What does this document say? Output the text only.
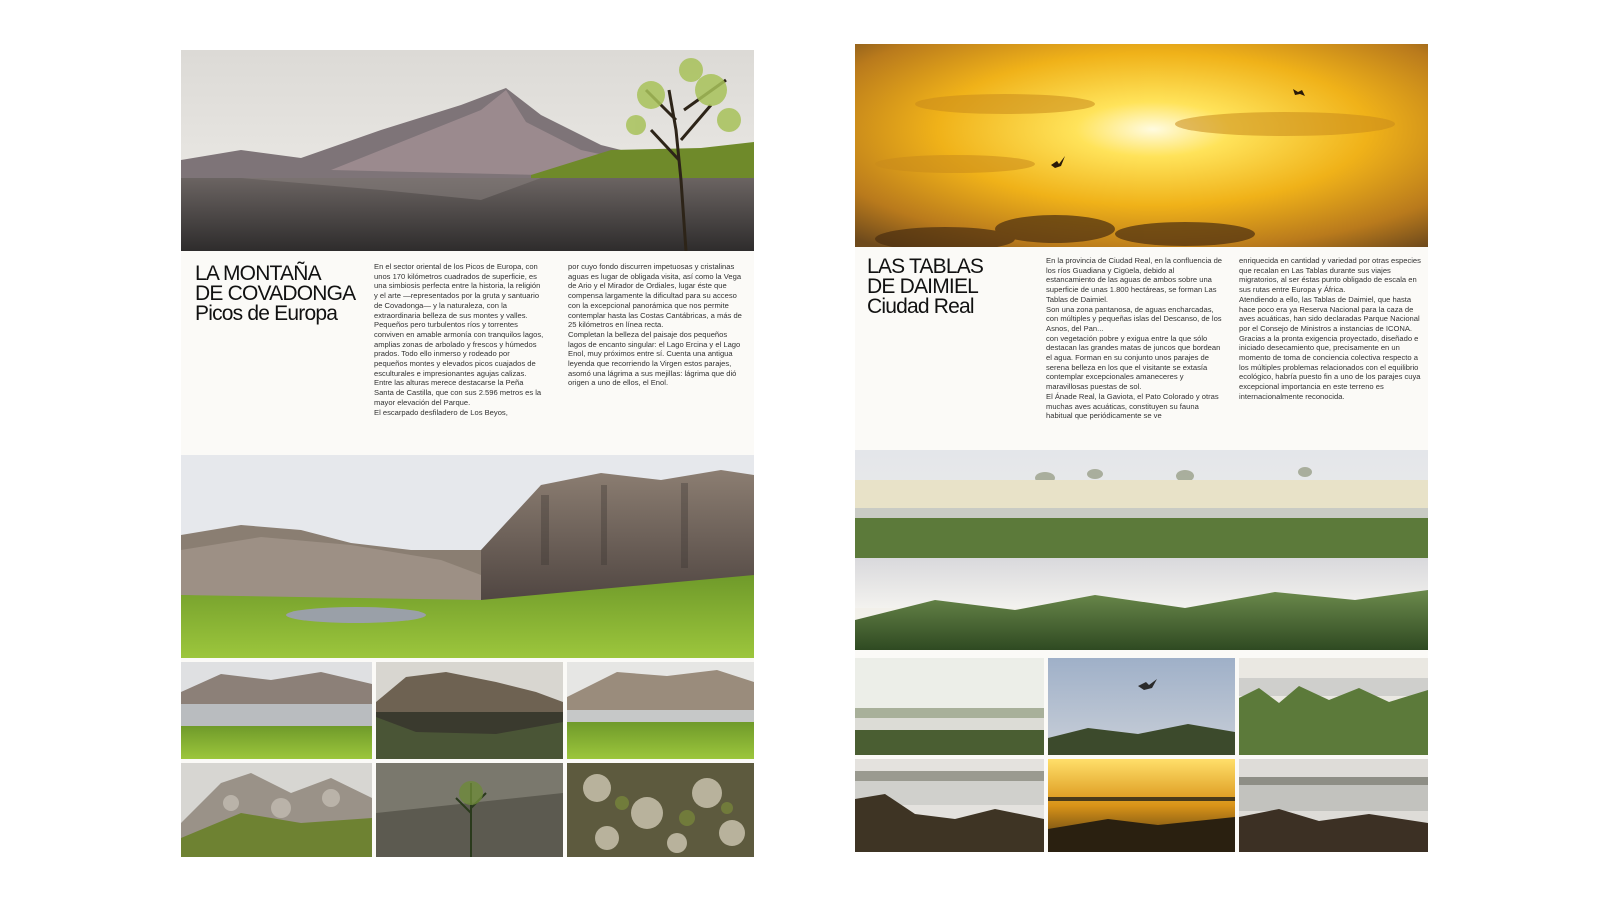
LA MONTAÑA
DE COVADONGA
Picos de Europa

En el sector oriental de los Picos de Europa, con unos 170 kilómetros cuadrados de superficie, es una simbiosis perfecta entre la historia, la religión y el arte —representados por la gruta y santuario de Covadonga— y la naturaleza, con la extraordinaria belleza de sus montes y valles.

Pequeños pero turbulentos ríos y torrentes conviven en amable armonía con tranquilos lagos, amplias zonas de arbolado y frescos y húmedos prados. Todo ello inmerso y rodeado por pequeños montes y elevados picos cuajados de esculturales e impresionantes agujas calizas.

Entre las alturas merece destacarse la Peña Santa de Castilla, que con sus 2.596 metros es la mayor elevación del Parque.

El escarpado desfiladero de Los Beyos,

por cuyo fondo discurren impetuosas y cristalinas aguas es lugar de obligada visita, así como la Vega de Ario y el Mirador de Ordiales, lugar éste que compensa largamente la dificultad para su acceso con la excepcional panorámica que nos permite contemplar hasta las Costas Cantábricas, a más de 25 kilómetros en línea recta.

Completan la belleza del paisaje dos pequeños lagos de encanto singular: el Lago Ercina y el Lago Enol, muy próximos entre sí. Cuenta una antigua leyenda que recorriendo la Virgen estos parajes, asomó una lágrima a sus mejillas: lágrima que dió origen a uno de ellos, el Enol.

LAS TABLAS
DE DAIMIEL
Ciudad Real

En la provincia de Ciudad Real, en la confluencia de los ríos Guadiana y Cigüela, debido al estancamiento de las aguas de ambos sobre una superficie de unas 1.800 hectáreas, se forman Las Tablas de Daimiel.

Son una zona pantanosa, de aguas encharcadas, con múltiples y pequeñas islas del Descanso, de los Asnos, del Pan...

con vegetación pobre y exigua entre la que sólo destacan las grandes matas de juncos que bordean el agua. Forman en su conjunto unos parajes de serena belleza en los que el visitante se extasía contemplar excepcionales amaneceres y maravillosas puestas de sol.

El Ánade Real, la Gaviota, el Pato Colorado y otras muchas aves acuáticas, constituyen su fauna habitual que periódicamente se ve

enriquecida en cantidad y variedad por otras especies que recalan en Las Tablas durante sus viajes migratorios, al ser éstas punto obligado de escala en sus rutas entre Europa y África.

Atendiendo a ello, las Tablas de Daimiel, que hasta hace poco era ya Reserva Nacional para la caza de aves acuáticas, han sido declaradas Parque Nacional por el Consejo de Ministros a instancias de ICONA.

Gracias a la pronta exigencia proyectado, diseñado e iniciado desecamiento que, precisamente en un momento de toma de conciencia colectiva respecto a los múltiples problemas relacionados con el equilibrio ecológico, habría puesto fin a uno de los parajes cuya excepcional importancia en este terreno es internacionalmente reconocida.
